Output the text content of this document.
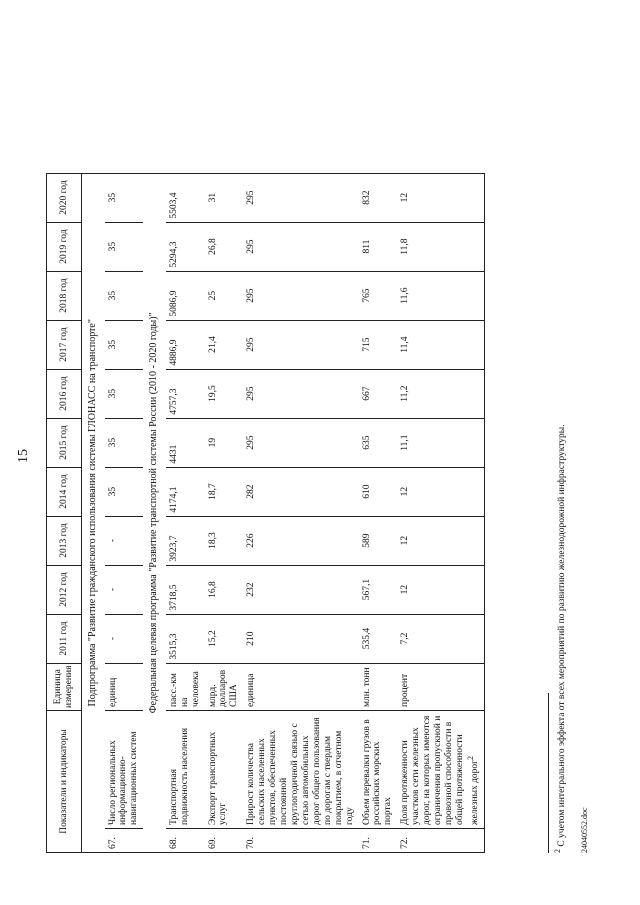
15
Показатели и индикаторы		Единица измерения	2011 год	2012 год	2013 год	2014 год	2015 год	2016 год	2017 год	2018 год	2019 год	2020 год
Подпрограмма "Развитие гражданского использования системы ГЛОНАСС на транспорте"												
67.	Число региональных информационно-навигационных систем	единиц	-	-	-	35	35	35	35	35	35	35
Федеральная целевая программа "Развитие транспортной системы России (2010 - 2020 годы)"												
68.	Транспортная подвижность населения	пасс.-км на человека	3515,3	3718,5	3923,7	4174,1	4431	4757,3	4886,9	5086,9	5294,3	5503,4
69.	Экспорт транспортных услуг	млрд. долларов США	15,2	16,8	18,3	18,7	19	19,5	21,4	25	26,8	31
70.	Прирост количества сельских населенных пунктов, обеспеченных постоянной круглогодичной связью с сетью автомобильных дорог общего пользования по дорогам с твердым покрытием, в отчетном году	единица	210	232	226	282	295	295	295	295	295	295
71.	Объем перевалки грузов в российских морских портах	млн. тонн	535,4	567,1	589	610	635	667	715	765	811	832
72.	Доля протяженности участков сети железных дорог, на которых имеются ограничения пропускной и провозной способности в общей протяженности железных дорог$^2$	процент	7,2	12	12	12	11,1	11,2	11,4	11,6	11,8	12
$^2$ С учетом интегрального эффекта от всех мероприятий по развитию железнодорожной инфраструктуры. 24040552.doc
